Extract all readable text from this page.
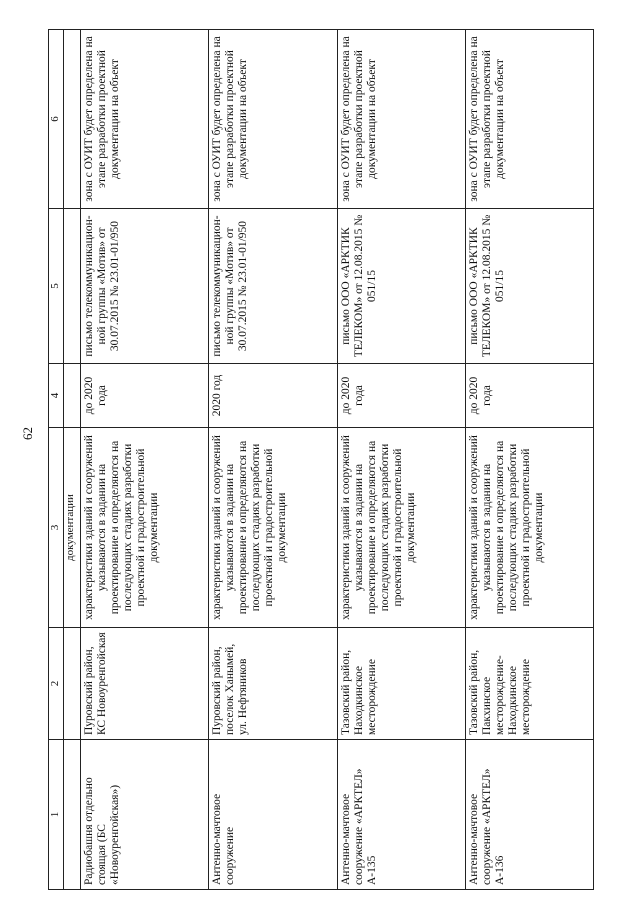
62
1	2	3	4	5	6
		документации			
Радиобашня отдельно стоящая (БС «Новоуренгойская»)	Пуровский район, КС Новоуренгойская	характеристики зданий и сооружений указываются в задании на проектирование и определяются на последующих стадиях разработки проектной и градостроительной документации	до 2020 года	письмо телекоммуникацион-ной группы «Мотив» от 30.07.2015 № 23.01-01/950	зона с ОУИТ будет определена на этапе разработки проектной документации на объект
Антенно-мачтовое сооружение	Пуровский район, поселок Ханымей, ул. Нефтяников	характеристики зданий и сооружений указываются в задании на проектирование и определяются на последующих стадиях разработки проектной и градостроительной документации	2020 год	письмо телекоммуникацион-ной группы «Мотив» от 30.07.2015 № 23.01-01/950	зона с ОУИТ будет определена на этапе разработки проектной документации на объект
Антенно-мачтовое сооружение «АРКТЕЛ» А-135	Тазовский район, Находкинское месторождение	характеристики зданий и сооружений указываются в задании на проектирование и определяются на последующих стадиях разработки проектной и градостроительной документации	до 2020 года	письмо ООО «АРКТИК ТЕЛЕКОМ» от 12.08.2015 № 051/15	зона с ОУИТ будет определена на этапе разработки проектной документации на объект
Антенно-мачтовое сооружение «АРКТЕЛ» А-136	Тазовский район, Пакхинское месторождение-Находкинское месторождение	характеристики зданий и сооружений указываются в задании на проектирование и определяются на последующих стадиях разработки проектной и градостроительной документации	до 2020 года	письмо ООО «АРКТИК ТЕЛЕКОМ» от 12.08.2015 № 051/15	зона с ОУИТ будет определена на этапе разработки проектной документации на объект
